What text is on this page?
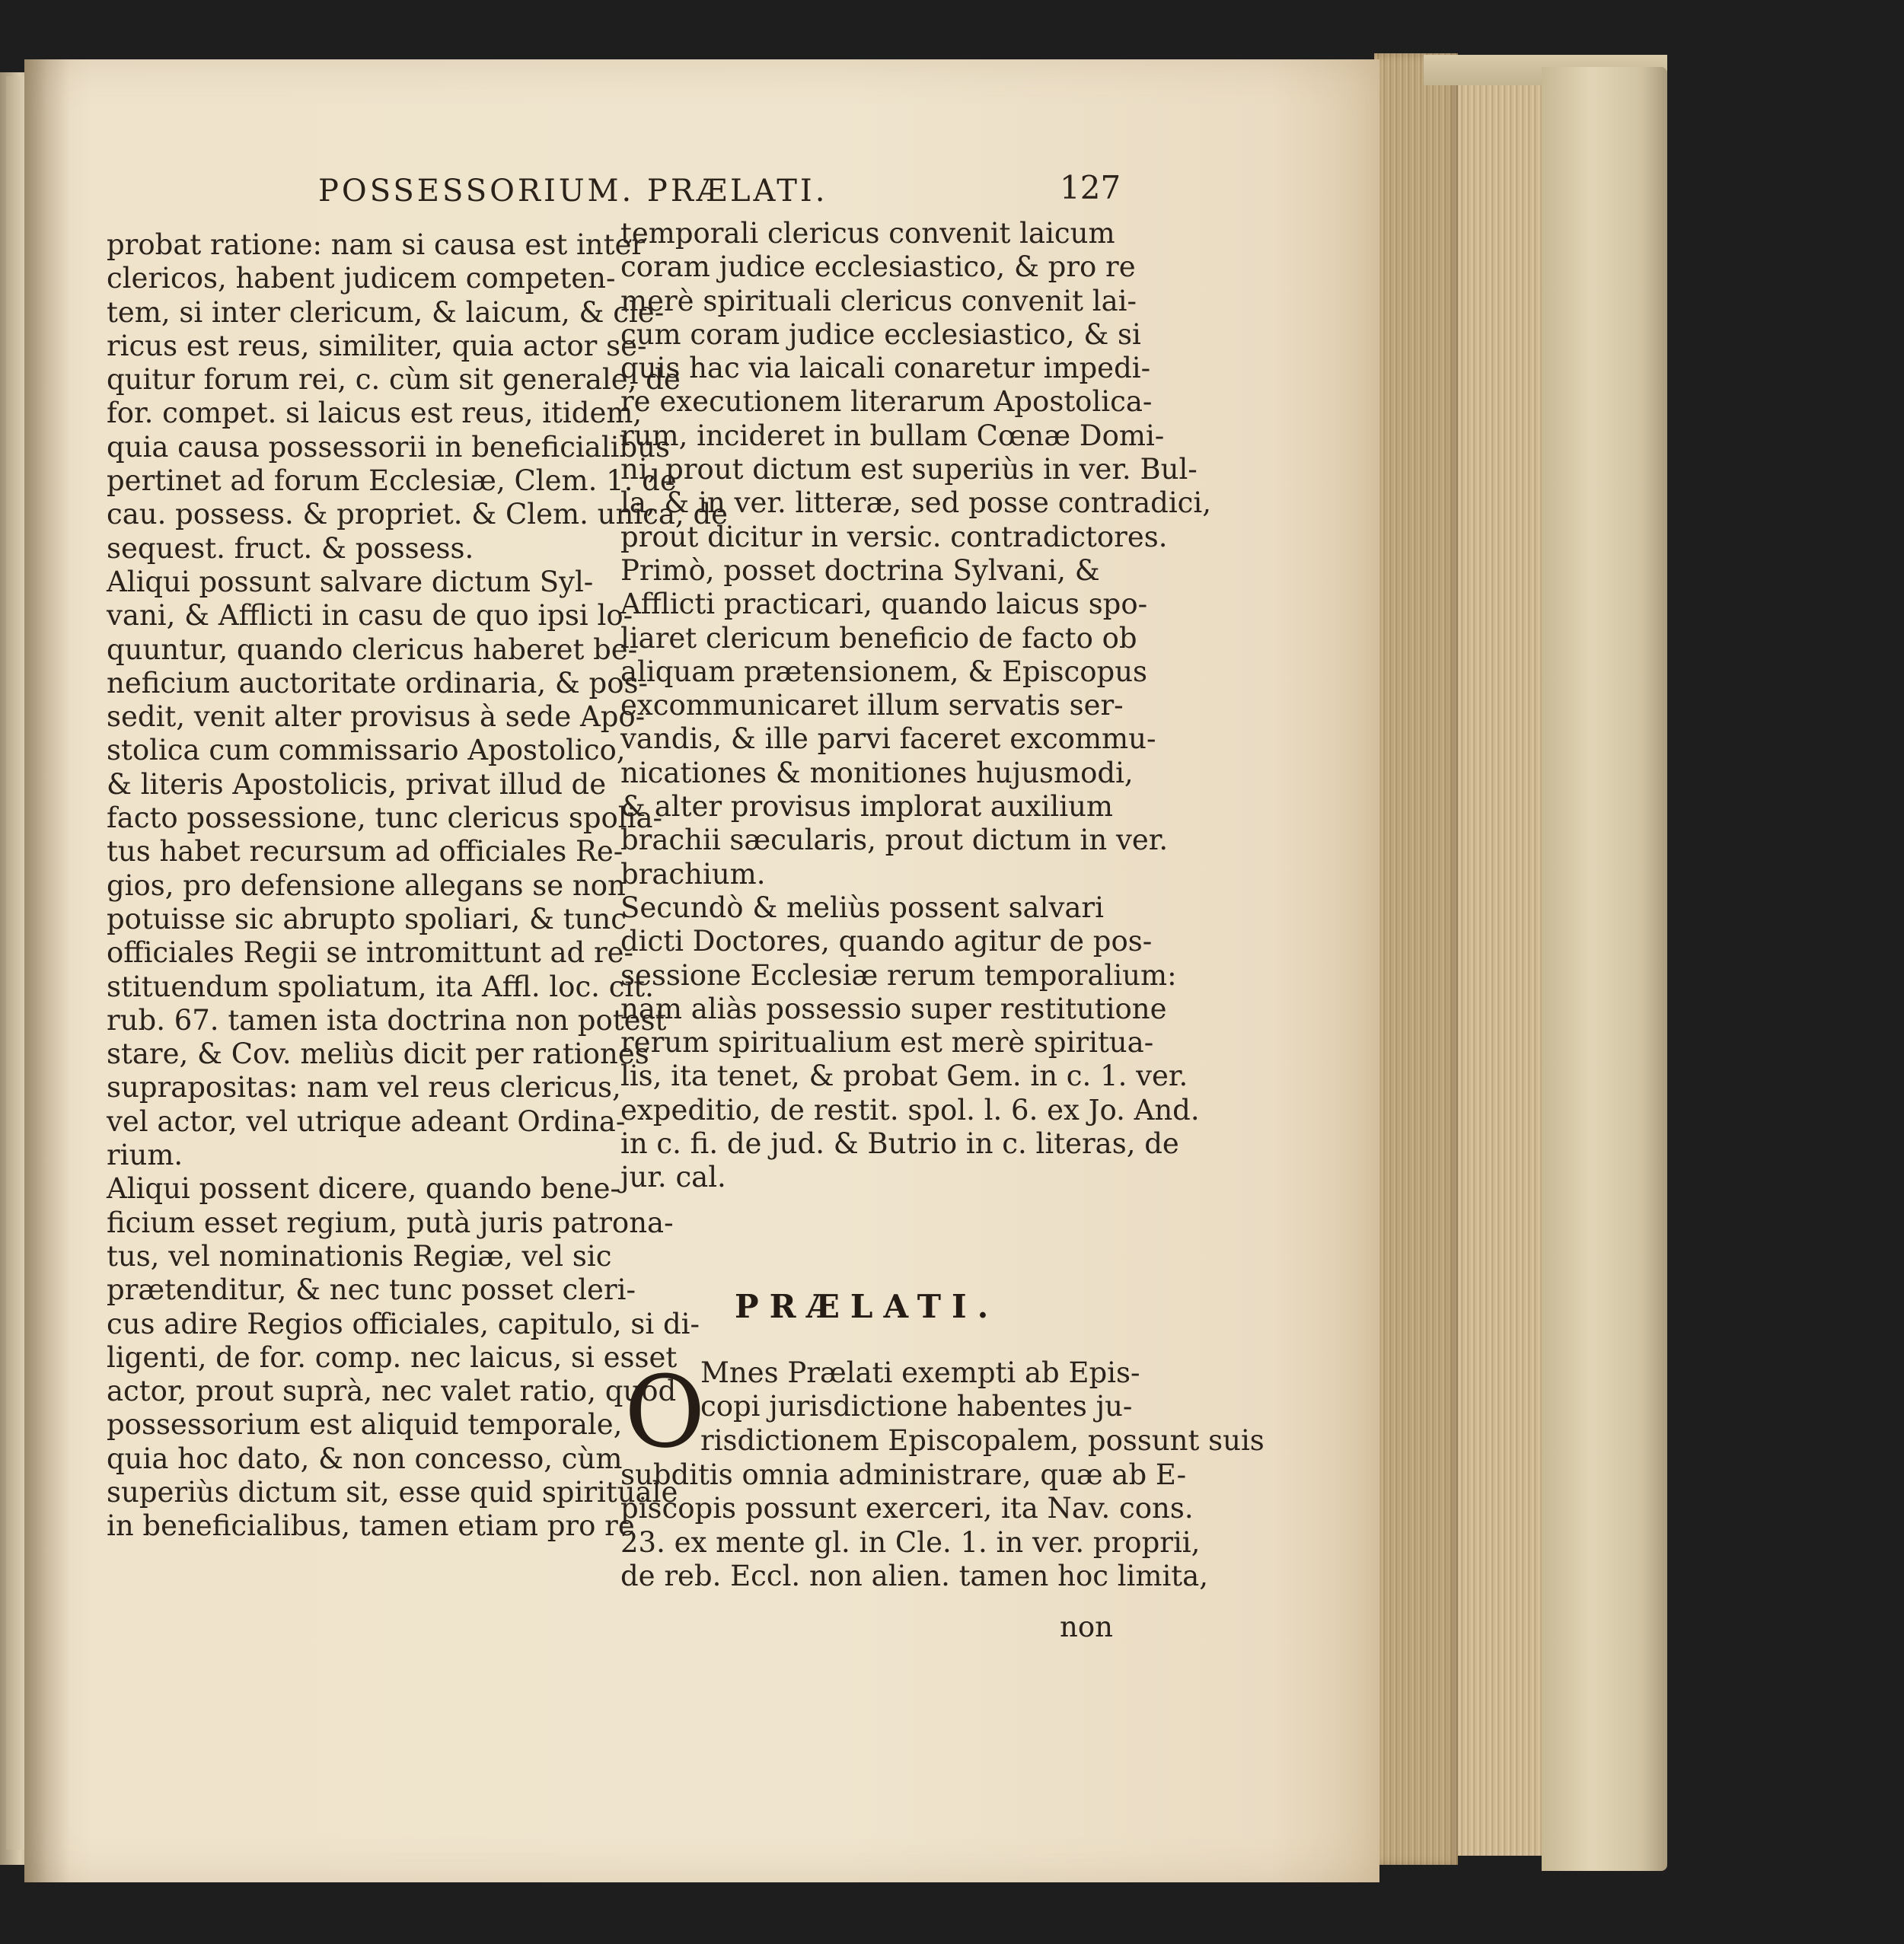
POSSESSORIUM. PRÆLATI.	127
probat ratione: nam si causa est inter
clericos, habent judicem competen-
tem, si inter clericum, & laicum, & cle-
ricus est reus, similiter, quia actor se-
quitur forum rei, c. cùm sit generale, de
for. compet. si laicus est reus, itidem,
quia causa possessorii in beneficialibus
pertinet ad forum Ecclesiæ, Clem. 1. de
cau. possess. & propriet. & Clem. unica, de
sequest. fruct. & possess.
Aliqui possunt salvare dictum Syl-
vani, & Afflicti in casu de quo ipsi lo-
quuntur, quando clericus haberet be-
neficium auctoritate ordinaria, & pos-
sedit, venit alter provisus à sede Apo-
stolica cum commissario Apostolico,
& literis Apostolicis, privat illud de
facto possessione, tunc clericus spolia-
tus habet recursum ad officiales Re-
gios, pro defensione allegans se non
potuisse sic abrupto spoliari, & tunc
officiales Regii se intromittunt ad re-
stituendum spoliatum, ita Affl. loc. cit.
rub. 67. tamen ista doctrina non potest
stare, & Cov. meliùs dicit per rationes
suprapositas: nam vel reus clericus,
vel actor, vel utrique adeant Ordina-
rium.
Aliqui possent dicere, quando bene-
ficium esset regium, putà juris patrona-
tus, vel nominationis Regiæ, vel sic
prætenditur, & nec tunc posset cleri-
cus adire Regios officiales, capitulo, si di-
ligenti, de for. comp. nec laicus, si esset
actor, prout suprà, nec valet ratio, quod
possessorium est aliquid temporale,
quia hoc dato, & non concesso, cùm
superiùs dictum sit, esse quid spirituale
in beneficialibus, tamen etiam pro re
temporali clericus convenit laicum
coram judice ecclesiastico, & pro re
merè spirituali clericus convenit lai-
cum coram judice ecclesiastico, & si
quis hac via laicali conaretur impedi-
re executionem literarum Apostolica-
rum, incideret in bullam Cœnæ Domi-
ni, prout dictum est superiùs in ver. Bul-
la, & in ver. litteræ, sed posse contradici,
prout dicitur in versic. contradictores.
Primò, posset doctrina Sylvani, &
Afflicti practicari, quando laicus spo-
liaret clericum beneficio de facto ob
aliquam prætensionem, & Episcopus
excommunicaret illum servatis ser-
vandis, & ille parvi faceret excommu-
nicationes & monitiones hujusmodi,
& alter provisus implorat auxilium
brachii sæcularis, prout dictum in ver.
brachium.
Secundò & meliùs possent salvari
dicti Doctores, quando agitur de pos-
sessione Ecclesiæ rerum temporalium:
nam aliàs possessio super restitutione
rerum spiritualium est merè spiritua-
lis, ita tenet, & probat Gem. in c. 1. ver.
expeditio, de restit. spol. l. 6. ex Jo. And.
in c. fi. de jud. & Butrio in c. literas, de
jur. cal.
PRÆLATI.
O
Mnes Prælati exempti ab Epis-
copi jurisdictione habentes ju-
risdictionem Episcopalem, possunt suis
subditis omnia administrare, quæ ab E-
piscopis possunt exerceri, ita Nav. cons.
23. ex mente gl. in Cle. 1. in ver. proprii,
de reb. Eccl. non alien. tamen hoc limita,
non
